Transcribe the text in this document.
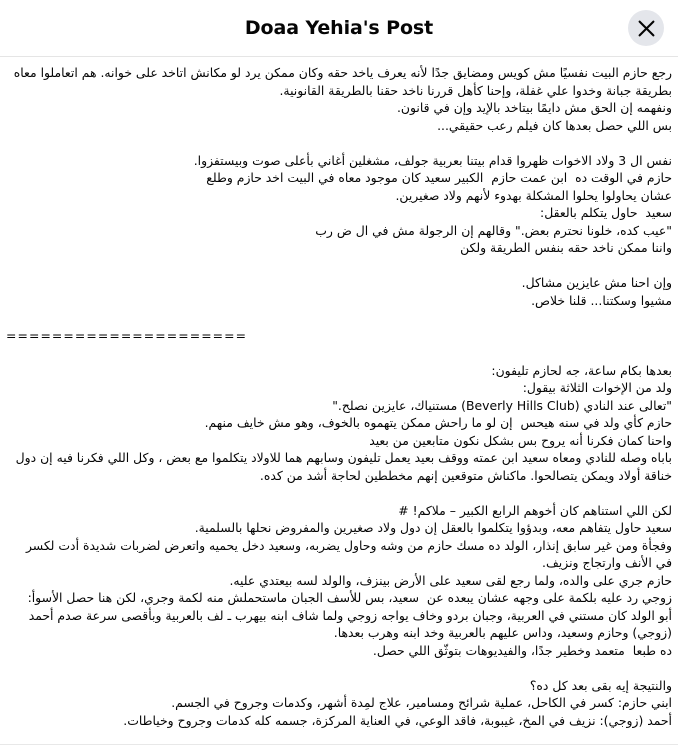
Doaa Yehia's Post
رجع حازم البيت نفسيًا مش كويس ومضايق جدًا لأنه يعرف ياخد حقه وكان ممكن يرد لو مكانش اتاخد على خوانه. هم اتعاملوا معاه بطريقة جبانة وخدوا علي غفلة، وإحنا كأهل قررنا ناخد حقنا بالطريقة القانونية.
ونفهمه إن الحق مش دايمًا بيتاخد بالإيد وإن في قانون.
بس اللي حصل بعدها كان فيلم رعب حقيقي...
نفس ال 3 ولاد الاخوات ظهروا قدام بيتنا بعربية جولف، مشغلين أغاني بأعلى صوت وبيستفزوا.
حازم في الوقت ده  ابن عمت حازم  الكبير سعيد كان موجود معاه في البيت اخد حازم وطلع
عشان يحاولوا يحلوا المشكلة بهدوء لأنهم ولاد صغيرين.
سعيد  حاول يتكلم بالعقل:
"عيب كده، خلونا نحترم بعض." وقالهم إن الرجولة مش في ال ض رب
واننا ممكن ناخد حقه بنفس الطريقة ولكن
وإن احنا مش عايزين مشاكل.
مشيوا وسكتنا... قلنا خلاص.
=====================
بعدها بكام ساعة، جه لحازم تليفون:
ولد من الإخوات الثلاثة بيقول:
"تعالى عند النادي (Beverly Hills Club) مستنياك، عايزين نصلح."
حازم كأي ولد في سنه هيحس  إن لو ما راحش ممكن يتهموه بالخوف، وهو مش خايف منهم.
واحنا كمان فكرنا أنه يروح بس بشكل نكون متابعين من بعيد
باباه وصله للنادي ومعاه سعيد ابن عمته ووقف بعيد يعمل تليفون وسابهم هما للاولاد يتكلموا مع بعض ، وكل اللي فكرنا فيه إن دول خناقة أولاد ويمكن يتصالحوا. ماكناش متوقعين إنهم مخططين لحاجة أشد من كده.
لكن اللي استناهم كان أخوهم الرابع الكبير – ملاكم! #
سعيد حاول يتفاهم معه، وبدؤوا يتكلموا بالعقل إن دول ولاد صغيرين والمفروض نحلها بالسلمية.
وفجأة ومن غير سابق إنذار، الولد ده مسك حازم من وشه وحاول يضربه، وسعيد دخل يحميه واتعرض لضربات شديدة أدت لكسر في الأنف وارتجاج ونزيف.
حازم جري على والده، ولما رجع لقى سعيد على الأرض بينزف، والولد لسه بيعتدي عليه.
زوجي رد عليه بلكمة على وجهه عشان يبعده عن  سعيد، بس للأسف الجبان ماستحملش منه لكمة وجري، لكن هنا حصل الأسوأ:
أبو الولد كان مستني في العربية، وجبان بردو وخاف يواجه زوجي ولما شاف ابنه بيهرب ـ لف بالعربية وبأقصى سرعة صدم أحمد (زوجي) وحازم وسعيد، وداس عليهم بالعربية وخد ابنه وهرب بعدها.
ده طبعا  متعمد وخطير جدًا، والفيديوهات بتوثّق اللي حصل.
والنتيجة إيه بقى بعد كل ده؟
ابني حازم: كسر في الكاحل، عملية شرائح ومسامير، علاج لمِدة أشهر، وكدمات وجروح في الجسم.
أحمد (زوجي): نزيف في المخ، غيبوبة، فاقد الوعي، في العناية المركزة، جسمه كله كدمات وجروح وخياطات.
